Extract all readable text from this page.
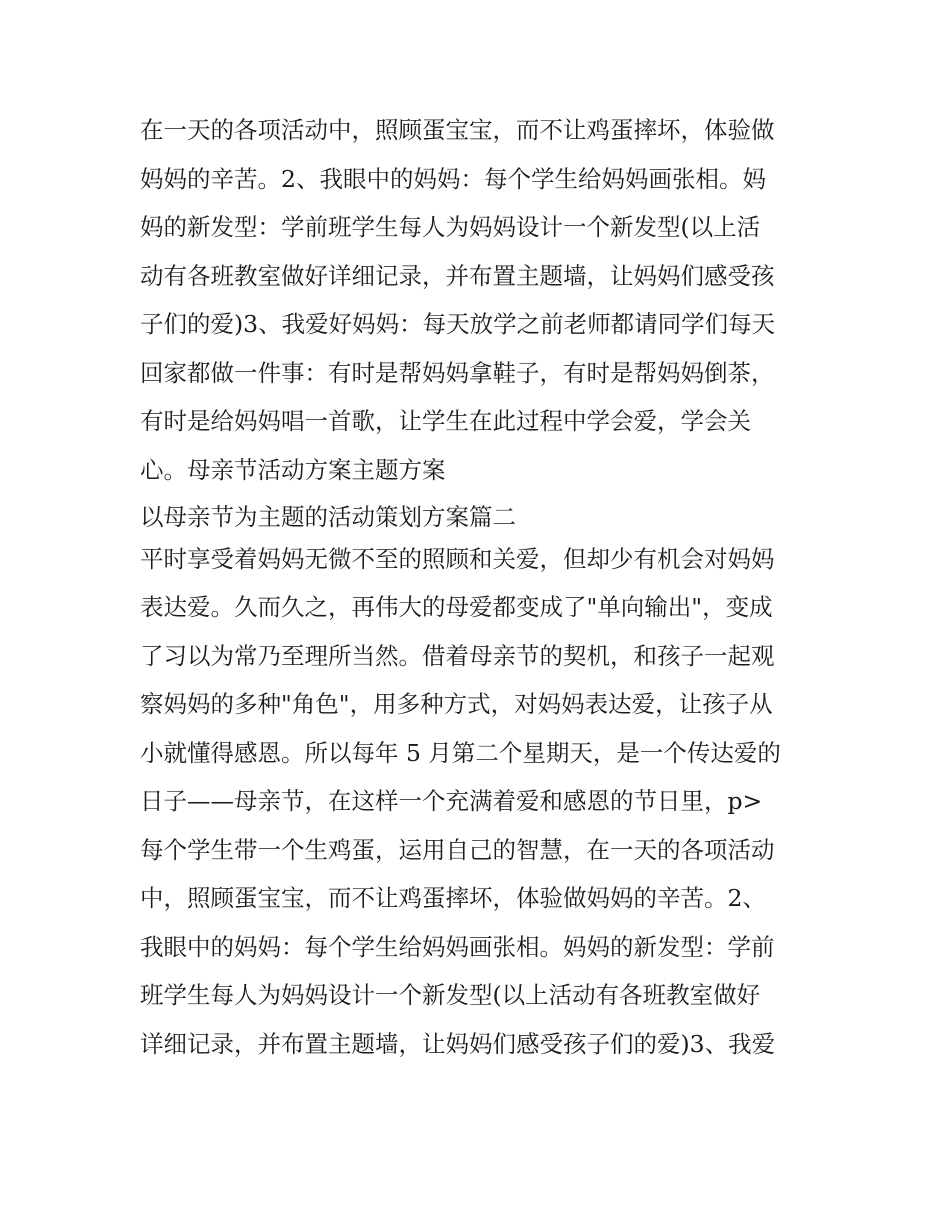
在一天的各项活动中，照顾蛋宝宝，而不让鸡蛋摔坏，体验做
妈妈的辛苦。2、我眼中的妈妈：每个学生给妈妈画张相。妈
妈的新发型：学前班学生每人为妈妈设计一个新发型(以上活
动有各班教室做好详细记录，并布置主题墙，让妈妈们感受孩
子们的爱)3、我爱好妈妈：每天放学之前老师都请同学们每天
回家都做一件事：有时是帮妈妈拿鞋子，有时是帮妈妈倒茶，
有时是给妈妈唱一首歌，让学生在此过程中学会爱，学会关
心。母亲节活动方案主题方案
以母亲节为主题的活动策划方案篇二
平时享受着妈妈无微不至的照顾和关爱，但却少有机会对妈妈
表达爱。久而久之，再伟大的母爱都变成了"单向输出"，变成
了习以为常乃至理所当然。借着母亲节的契机，和孩子一起观
察妈妈的多种"角色"，用多种方式，对妈妈表达爱，让孩子从
小就懂得感恩。所以每年 5 月第二个星期天，是一个传达爱的
日子——母亲节，在这样一个充满着爱和感恩的节日里，p>
每个学生带一个生鸡蛋，运用自己的智慧，在一天的各项活动
中，照顾蛋宝宝，而不让鸡蛋摔坏，体验做妈妈的辛苦。2、
我眼中的妈妈：每个学生给妈妈画张相。妈妈的新发型：学前
班学生每人为妈妈设计一个新发型(以上活动有各班教室做好
详细记录，并布置主题墙，让妈妈们感受孩子们的爱)3、我爱
